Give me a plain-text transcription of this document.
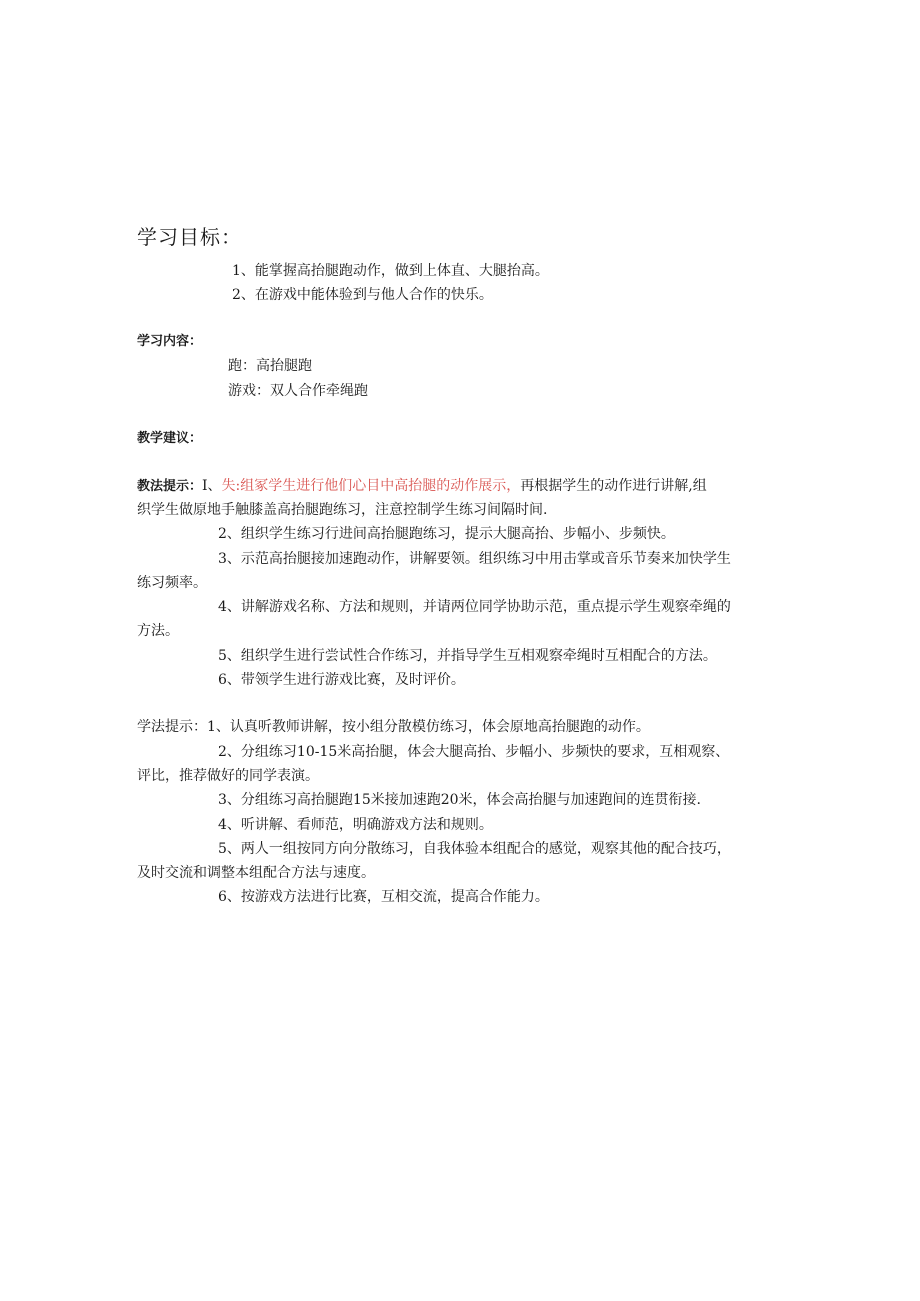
学习目标：
1、能掌握高抬腿跑动作，做到上体直、大腿抬高。
2、在游戏中能体验到与他人合作的快乐。
学习内容：
跑：高抬腿跑
游戏：双人合作牵绳跑
教学建议：
教法提示：I、失:组冢学生进行他们心目中高抬腿的动作展示，再根据学生的动作进行讲解,组
织学生做原地手触膝盖高抬腿跑练习，注意控制学生练习间隔时间.
2、组织学生练习行进间高抬腿跑练习，提示大腿高抬、步幅小、步频快。
3、示范高抬腿接加速跑动作，讲解要领。组织练习中用击掌或音乐节奏来加快学生
练习频率。
4、讲解游戏名称、方法和规则，并请两位同学协助示范，重点提示学生观察牵绳的
方法。
5、组织学生进行尝试性合作练习，并指导学生互相观察牵绳时互相配合的方法。
6、带领学生进行游戏比赛，及时评价。
学法提示：1、认真听教师讲解，按小组分散模仿练习，体会原地高抬腿跑的动作。
2、分组练习10-15米高抬腿，体会大腿高抬、步幅小、步频快的要求，互相观察、
评比，推荐做好的同学表演。
3、分组练习高抬腿跑15米接加速跑20米，体会高抬腿与加速跑间的连贯衔接.
4、听讲解、看师范，明确游戏方法和规则。
5、两人一组按同方向分散练习，自我体验本组配合的感觉，观察其他的配合技巧，
及时交流和调整本组配合方法与速度。
6、按游戏方法进行比赛，互相交流，提高合作能力。
